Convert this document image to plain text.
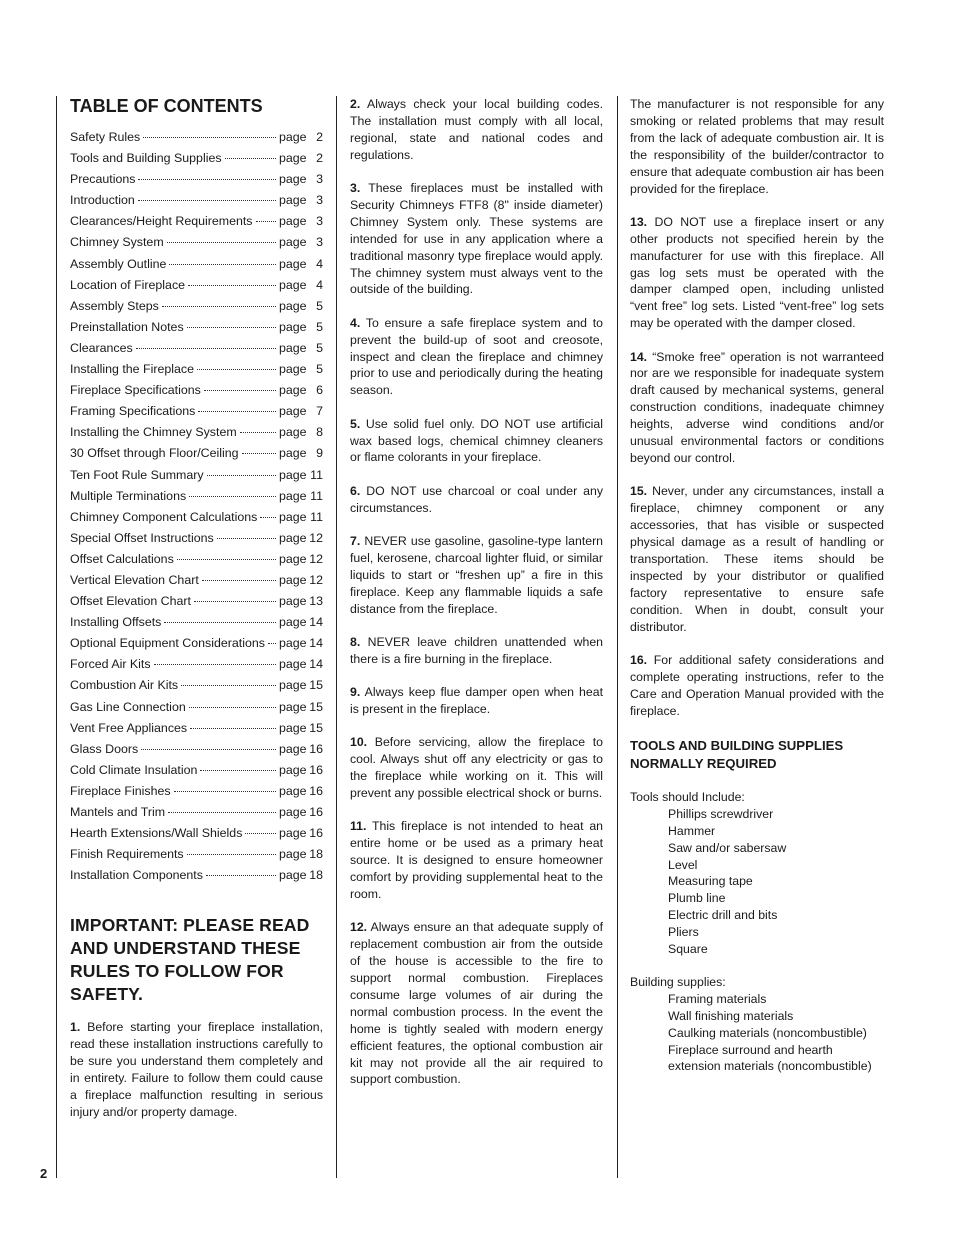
TABLE OF CONTENTS
Safety Rules	page 2
Tools and Building Supplies	page 2
Precautions	page 3
Introduction	page 3
Clearances/Height Requirements page 3
Chimney System	page 3
Assembly Outline	page 4
Location of Fireplace	page 4
Assembly Steps	page 5
Preinstallation Notes	page 5
Clearances	page 5
Installing the Fireplace	page 5
Fireplace Specifications	page 6
Framing Specifications	page 7
Installing the Chimney System	page 8
30 Offset through Floor/Ceiling	page 9
Ten Foot Rule Summary	page 11
Multiple Terminations	page 11
Chimney Component Calculations page 11
Special Offset Instructions	page 12
Offset Calculations	page 12
Vertical Elevation Chart	page 12
Offset Elevation Chart	page 13
Installing Offsets	page 14
Optional Equipment Considerations page 14
Forced Air Kits	page 14
Combustion Air Kits	page 15
Gas Line Connection	page 15
Vent Free Appliances	page 15
Glass Doors	page 16
Cold Climate Insulation	page 16
Fireplace Finishes	page 16
Mantels and Trim	page 16
Hearth Extensions/Wall Shields	page 16
Finish Requirements	page 18
Installation Components	page 18
IMPORTANT: PLEASE READ AND UNDERSTAND THESE RULES TO FOLLOW FOR SAFETY.
1. Before starting your fireplace installation, read these installation instructions carefully to be sure you understand them completely and in entirety. Failure to follow them could cause a fireplace malfunction resulting in serious injury and/or property damage.
2. Always check your local building codes. The installation must comply with all local, regional, state and national codes and regulations.
3. These fireplaces must be installed with Security Chimneys FTF8 (8" inside diameter) Chimney System only. These systems are intended for use in any application where a traditional masonry type fireplace would apply. The chimney system must always vent to the outside of the building.
4. To ensure a safe fireplace system and to prevent the build-up of soot and creosote, inspect and clean the fireplace and chimney prior to use and periodically during the heating season.
5. Use solid fuel only. DO NOT use artificial wax based logs, chemical chimney cleaners or flame colorants in your fireplace.
6. DO NOT use charcoal or coal under any circumstances.
7. NEVER use gasoline, gasoline-type lantern fuel, kerosene, charcoal lighter fluid, or similar liquids to start or “freshen up” a fire in this fireplace. Keep any flammable liquids a safe distance from the fireplace.
8. NEVER leave children unattended when there is a fire burning in the fireplace.
9. Always keep flue damper open when heat is present in the fireplace.
10. Before servicing, allow the fireplace to cool. Always shut off any electricity or gas to the fireplace while working on it. This will prevent any possible electrical shock or burns.
11. This fireplace is not intended to heat an entire home or be used as a primary heat source. It is designed to ensure homeowner comfort by providing supplemental heat to the room.
12. Always ensure an that adequate supply of replacement combustion air from the outside of the house is accessible to the fire to support normal combustion. Fireplaces consume large volumes of air during the normal combustion process. In the event the home is tightly sealed with modern energy efficient features, the optional combustion air kit may not provide all the air required to support combustion.
The manufacturer is not responsible for any smoking or related problems that may result from the lack of adequate combustion air. It is the responsibility of the builder/contractor to ensure that adequate combustion air has been provided for the fireplace.
13. DO NOT use a fireplace insert or any other products not specified herein by the manufacturer for use with this fireplace. All gas log sets must be operated with the damper clamped open, including unlisted “vent free” log sets. Listed “vent-free” log sets may be operated with the damper closed.
14. “Smoke free” operation is not warranteed nor are we responsible for inadequate system draft caused by mechanical systems, general construction conditions, inadequate chimney heights, adverse wind conditions and/or unusual environmental factors or conditions beyond our control.
15. Never, under any circumstances, install a fireplace, chimney component or any accessories, that has visible or suspected physical damage as a result of handling or transportation. These items should be inspected by your distributor or qualified factory representative to ensure safe condition. When in doubt, consult your distributor.
16. For additional safety considerations and complete operating instructions, refer to the Care and Operation Manual provided with the fireplace.
TOOLS AND BUILDING SUPPLIES
NORMALLY REQUIRED
Tools should Include:
Phillips screwdriver
Hammer
Saw and/or sabersaw
Level
Measuring tape
Plumb line
Electric drill and bits
Pliers
Square
Building supplies:
Framing materials
Wall finishing materials
Caulking materials (noncombustible)
Fireplace surround and hearth
extension materials (noncombustible)
2
